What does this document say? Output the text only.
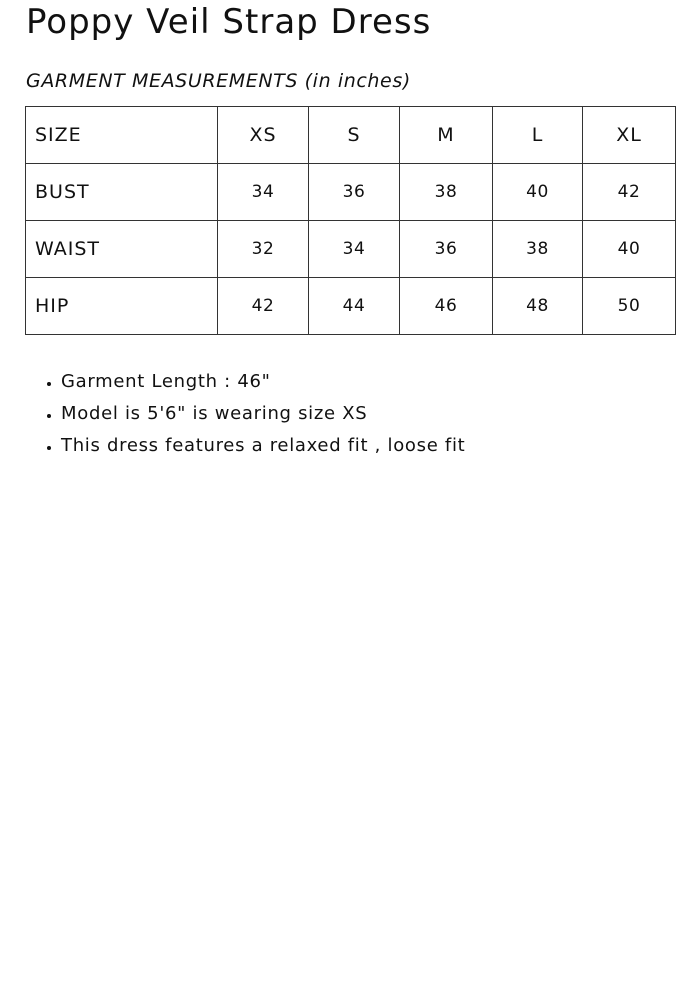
Poppy Veil Strap Dress
GARMENT MEASUREMENTS (in inches)
SIZE	XS	S	M	L	XL
BUST	34	36	38	40	42
WAIST	32	34	36	38	40
HIP	42	44	46	48	50
• Garment Length : 46"
• Model is 5'6" is wearing size XS
• This dress features a relaxed fit , loose fit
